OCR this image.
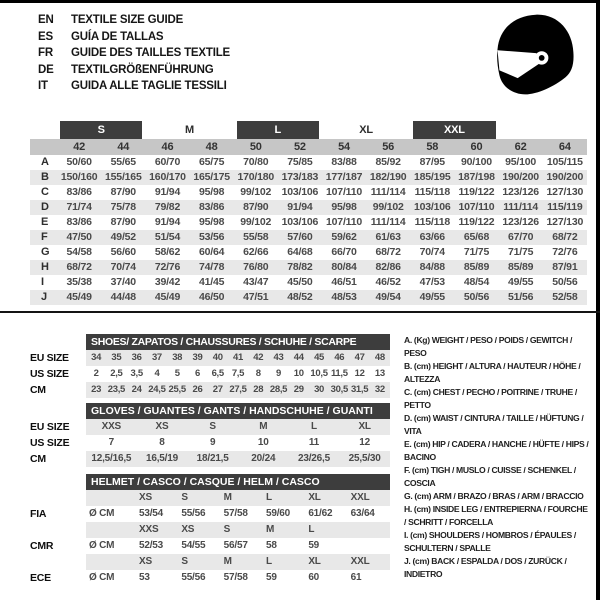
EN	TEXTILE SIZE GUIDE
ES	GUÍA DE TALLAS
FR	GUIDE DES TAILLES TEXTILE
DE	TEXTILGRÖßENFÜHRUNG
IT	GUIDA ALLE TAGLIE TESSILI
	S		M		L		XL		XXL			
	42	44	46	48	50	52	54	56	58	60	62	64
A	50/60	55/65	60/70	65/75	70/80	75/85	83/88	85/92	87/95	90/100	95/100	105/115
B	150/160	155/165	160/170	165/175	170/180	173/183	177/187	182/190	185/195	187/198	190/200	190/200
C	83/86	87/90	91/94	95/98	99/102	103/106	107/110	111/114	115/118	119/122	123/126	127/130
D	71/74	75/78	79/82	83/86	87/90	91/94	95/98	99/102	103/106	107/110	111/114	115/119
E	83/86	87/90	91/94	95/98	99/102	103/106	107/110	111/114	115/118	119/122	123/126	127/130
F	47/50	49/52	51/54	53/56	55/58	57/60	59/62	61/63	63/66	65/68	67/70	68/72
G	54/58	56/60	58/62	60/64	62/66	64/68	66/70	68/72	70/74	71/75	71/75	72/76
H	68/72	70/74	72/76	74/78	76/80	78/82	80/84	82/86	84/88	85/89	85/89	87/91
I	35/38	37/40	39/42	41/45	43/47	45/50	46/51	46/52	47/53	48/54	49/55	50/56
J	45/49	44/48	45/49	46/50	47/51	48/52	48/53	49/54	49/55	50/56	51/56	52/58
	SHOES/ ZAPATOS / CHAUSSURES / SCHUHE / SCARPE														
EU SIZE	34	35	36	37	38	39	40	41	42	43	44	45	46	47	48
US SIZE	2	2,5	3,5	4	5	6	6,5	7,5	8	9	10	10,5	11,5	12	13
CM	23	23,5	24	24,5	25,5	26	27	27,5	28	28,5	29	30	30,5	31,5	32
	GLOVES / GUANTES / GANTS / HANDSCHUHE / GUANTI					
EU SIZE	XXS	XS	S	M	L	XL
US SIZE	7	8	9	10	11	12
CM	12,5/16,5	16,5/19	18/21,5	20/24	23/26,5	25,5/30
	HELMET / CASCO / CASQUE / HELM / CASCO						
		XS	S	M	L	XL	XXL
FIA	Ø CM	53/54	55/56	57/58	59/60	61/62	63/64
		XXS	XS	S	M	L	
CMR	Ø CM	52/53	54/55	56/57	58	59	
		XS	S	M	L	XL	XXL
ECE	Ø CM	53	55/56	57/58	59	60	61
A. (Kg) WEIGHT / PESO / POIDS / GEWITCH / PESO
B. (cm) HEIGHT / ALTURA / HAUTEUR / HÖHE / ALTEZZA
C. (cm) CHEST / PECHO / POITRINE / TRUHE / PETTO
D. (cm) WAIST / CINTURA / TAILLE / HÜFTUNG / VITA
E. (cm) HIP / CADERA / HANCHE / HÜFTE / HIPS / BACINO
F. (cm) TIGH / MUSLO / CUISSE / SCHENKEL / COSCIA
G. (cm) ARM / BRAZO / BRAS / ARM / BRACCIO
H. (cm) INSIDE LEG / ENTREPIERNA / FOURCHE / SCHRITT / FORCELLA
I. (cm) SHOULDERS / HOMBROS / ÉPAULES / SCHULTERN / SPALLE
J. (cm) BACK / ESPALDA / DOS / ZURÜCK / INDIETRO
